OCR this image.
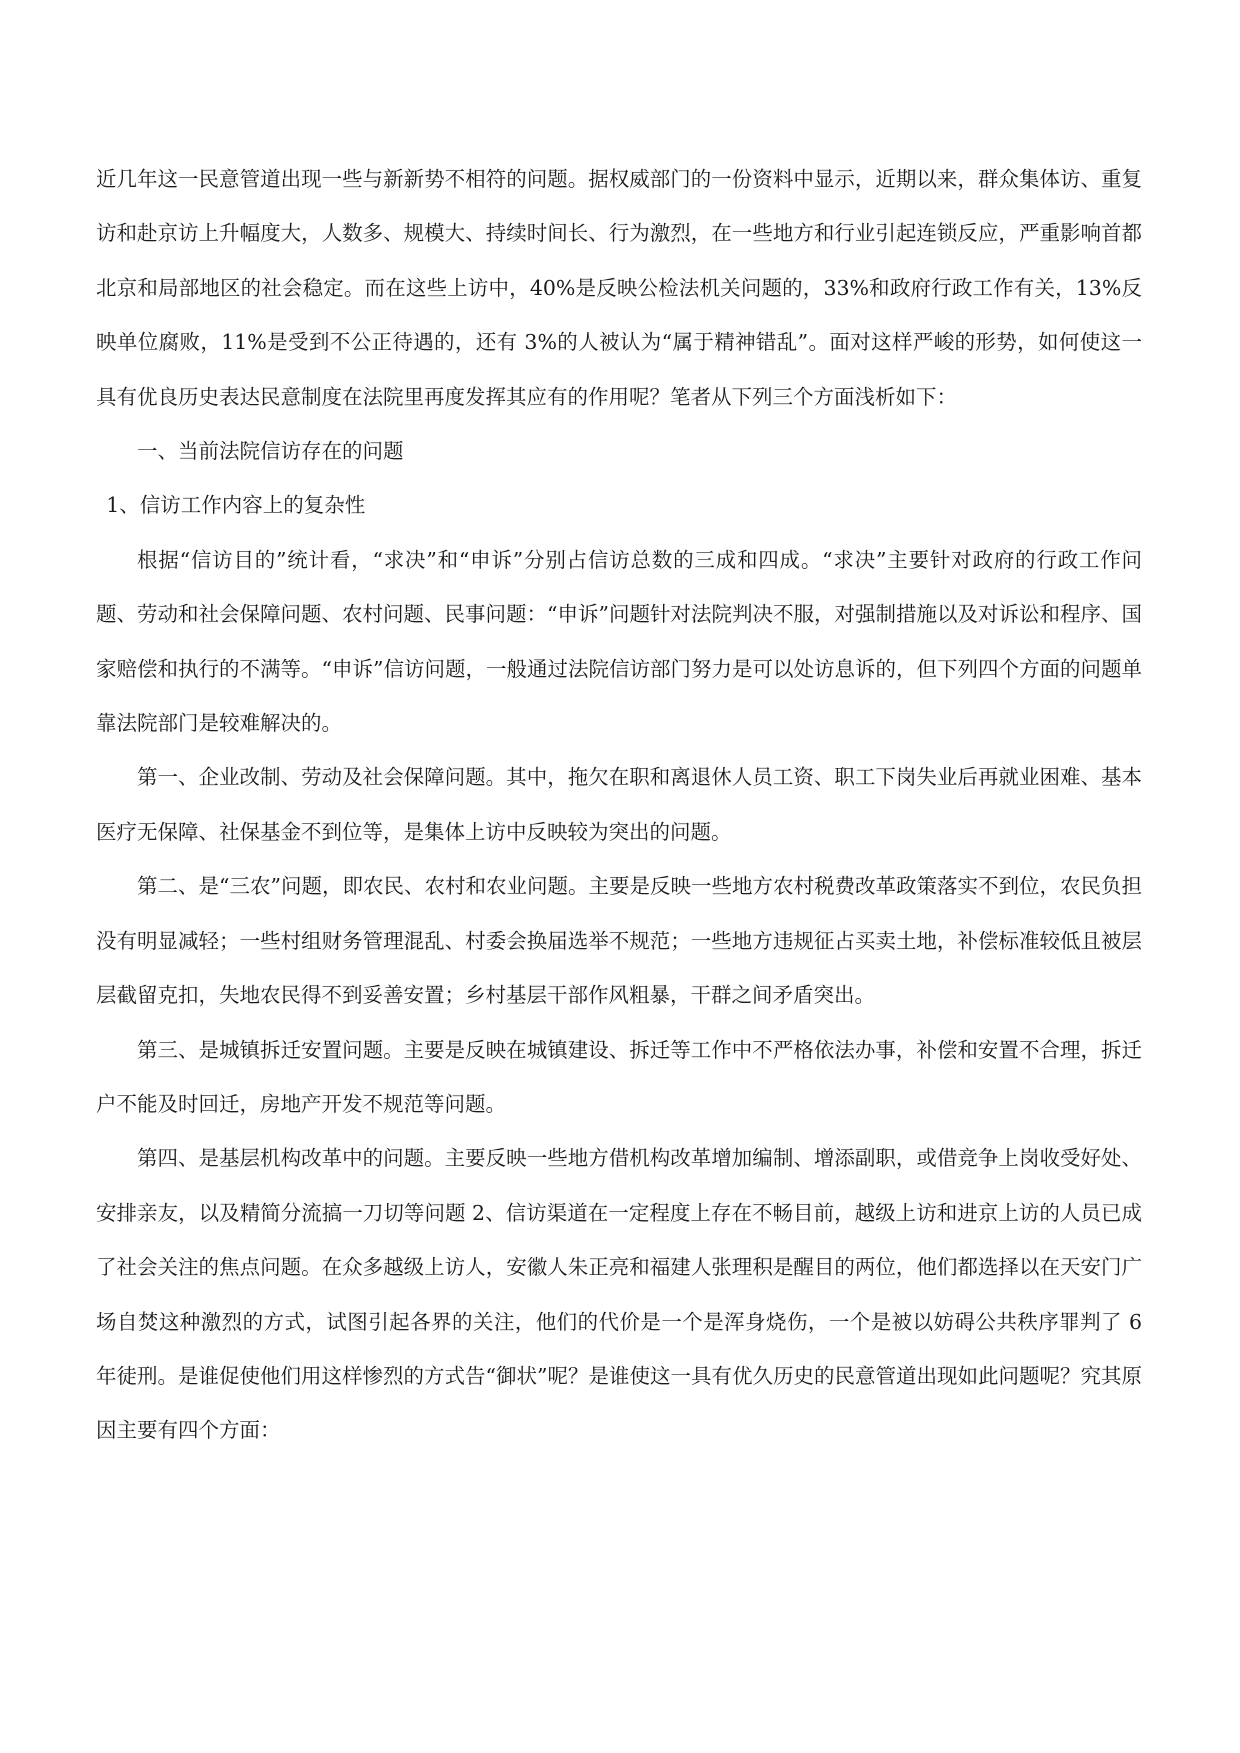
近几年这一民意管道出现一些与新新势不相符的问题。据权威部门的一份资料中显示，近期以来，群众集体访、重复访和赴京访上升幅度大，人数多、规模大、持续时间长、行为激烈，在一些地方和行业引起连锁反应，严重影响首都北京和局部地区的社会稳定。而在这些上访中，40%是反映公检法机关问题的，33%和政府行政工作有关，13%反映单位腐败，11%是受到不公正待遇的，还有 3%的人被认为“属于精神错乱”。面对这样严峻的形势，如何使这一具有优良历史表达民意制度在法院里再度发挥其应有的作用呢？笔者从下列三个方面浅析如下：

一、当前法院信访存在的问题

1、信访工作内容上的复杂性

根据“信访目的”统计看，“求决”和“申诉”分别占信访总数的三成和四成。“求决”主要针对政府的行政工作问题、劳动和社会保障问题、农村问题、民事问题：“申诉”问题针对法院判决不服，对强制措施以及对诉讼和程序、国家赔偿和执行的不满等。“申诉”信访问题，一般通过法院信访部门努力是可以处访息诉的，但下列四个方面的问题单靠法院部门是较难解决的。

第一、企业改制、劳动及社会保障问题。其中，拖欠在职和离退休人员工资、职工下岗失业后再就业困难、基本医疗无保障、社保基金不到位等，是集体上访中反映较为突出的问题。

第二、是“三农”问题，即农民、农村和农业问题。主要是反映一些地方农村税费改革政策落实不到位，农民负担没有明显减轻；一些村组财务管理混乱、村委会换届选举不规范；一些地方违规征占买卖土地，补偿标准较低且被层层截留克扣，失地农民得不到妥善安置；乡村基层干部作风粗暴，干群之间矛盾突出。

第三、是城镇拆迁安置问题。主要是反映在城镇建设、拆迁等工作中不严格依法办事，补偿和安置不合理，拆迁户不能及时回迁，房地产开发不规范等问题。

第四、是基层机构改革中的问题。主要反映一些地方借机构改革增加编制、增添副职，或借竞争上岗收受好处、安排亲友，以及精简分流搞一刀切等问题 2、信访渠道在一定程度上存在不畅目前，越级上访和进京上访的人员已成了社会关注的焦点问题。在众多越级上访人，安徽人朱正亮和福建人张理积是醒目的两位，他们都选择以在天安门广场自焚这种激烈的方式，试图引起各界的关注，他们的代价是一个是浑身烧伤，一个是被以妨碍公共秩序罪判了 6 年徒刑。是谁促使他们用这样惨烈的方式告“御状”呢？是谁使这一具有优久历史的民意管道出现如此问题呢？究其原因主要有四个方面：
